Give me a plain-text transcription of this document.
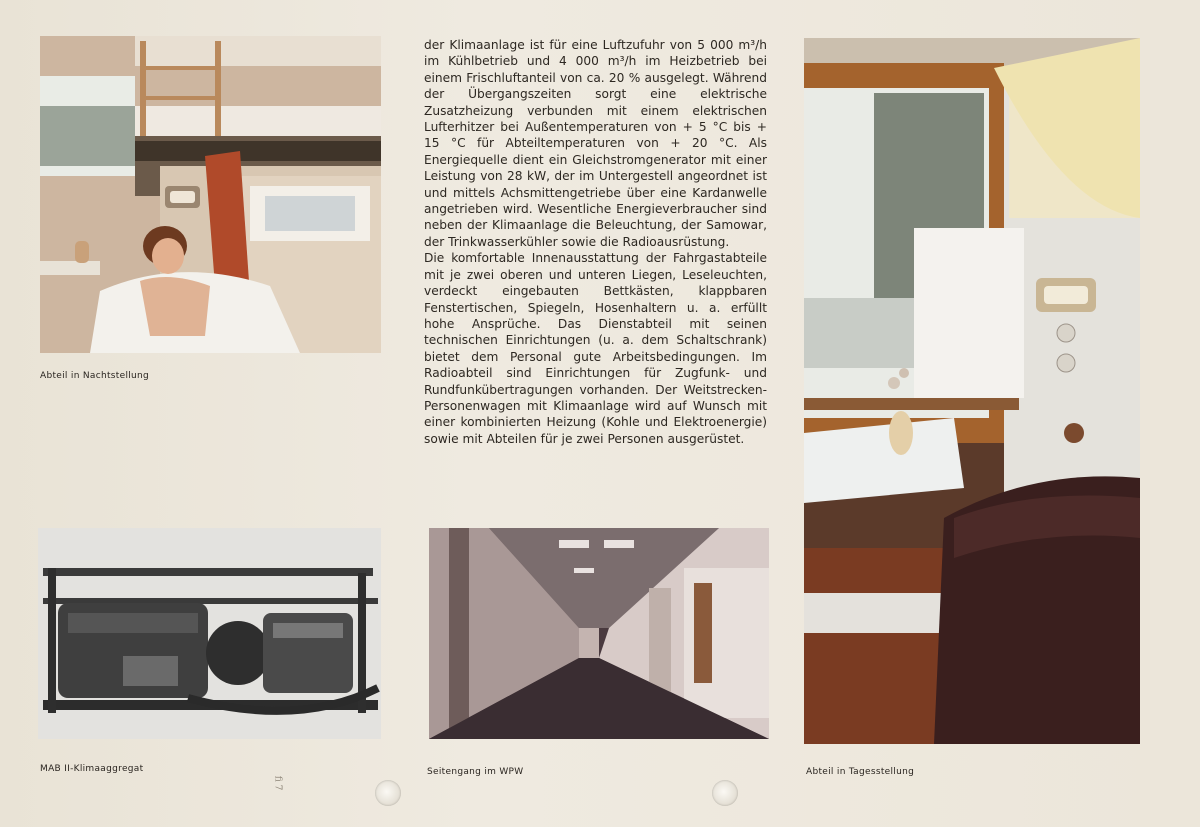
Abteil in Nachtstellung

der Klimaanlage ist für eine Luftzufuhr von 5 000 m³/h im Kühlbetrieb und 4 000 m³/h im Heizbetrieb bei einem Frischluftanteil von ca. 20 % ausgelegt. Während der Übergangszeiten sorgt eine elektrische Zusatzheizung verbunden mit einem elektrischen Lufterhitzer bei Außentemperaturen von + 5 °C bis + 15 °C für Abteiltemperaturen von + 20 °C. Als Energiequelle dient ein Gleichstromgenerator mit einer Leistung von 28 kW, der im Untergestell angeordnet ist und mittels Achsmittengetriebe über eine Kardanwelle angetrieben wird. Wesentliche Energieverbraucher sind neben der Klimaanlage die Beleuchtung, der Samowar, der Trinkwasserkühler sowie die Radioausrüstung.

Die komfortable Innenausstattung der Fahrgastabteile mit je zwei oberen und unteren Liegen, Leseleuchten, verdeckt eingebauten Bettkästen, klappbaren Fenstertischen, Spiegeln, Hosenhaltern u. a. erfüllt hohe Ansprüche. Das Dienstabteil mit seinen technischen Einrichtungen (u. a. dem Schaltschrank) bietet dem Personal gute Arbeitsbedingungen. Im Radioabteil sind Einrichtungen für Zugfunk- und Rundfunkübertragungen vorhanden. Der Weitstrecken-Personenwagen mit Klimaanlage wird auf Wunsch mit einer kombinierten Heizung (Kohle und Elektroenergie) sowie mit Abteilen für je zwei Personen ausgerüstet.

Abteil in Tagesstellung
MAB II-Klimaaggregat	Seitengang im WPW
fi 7
